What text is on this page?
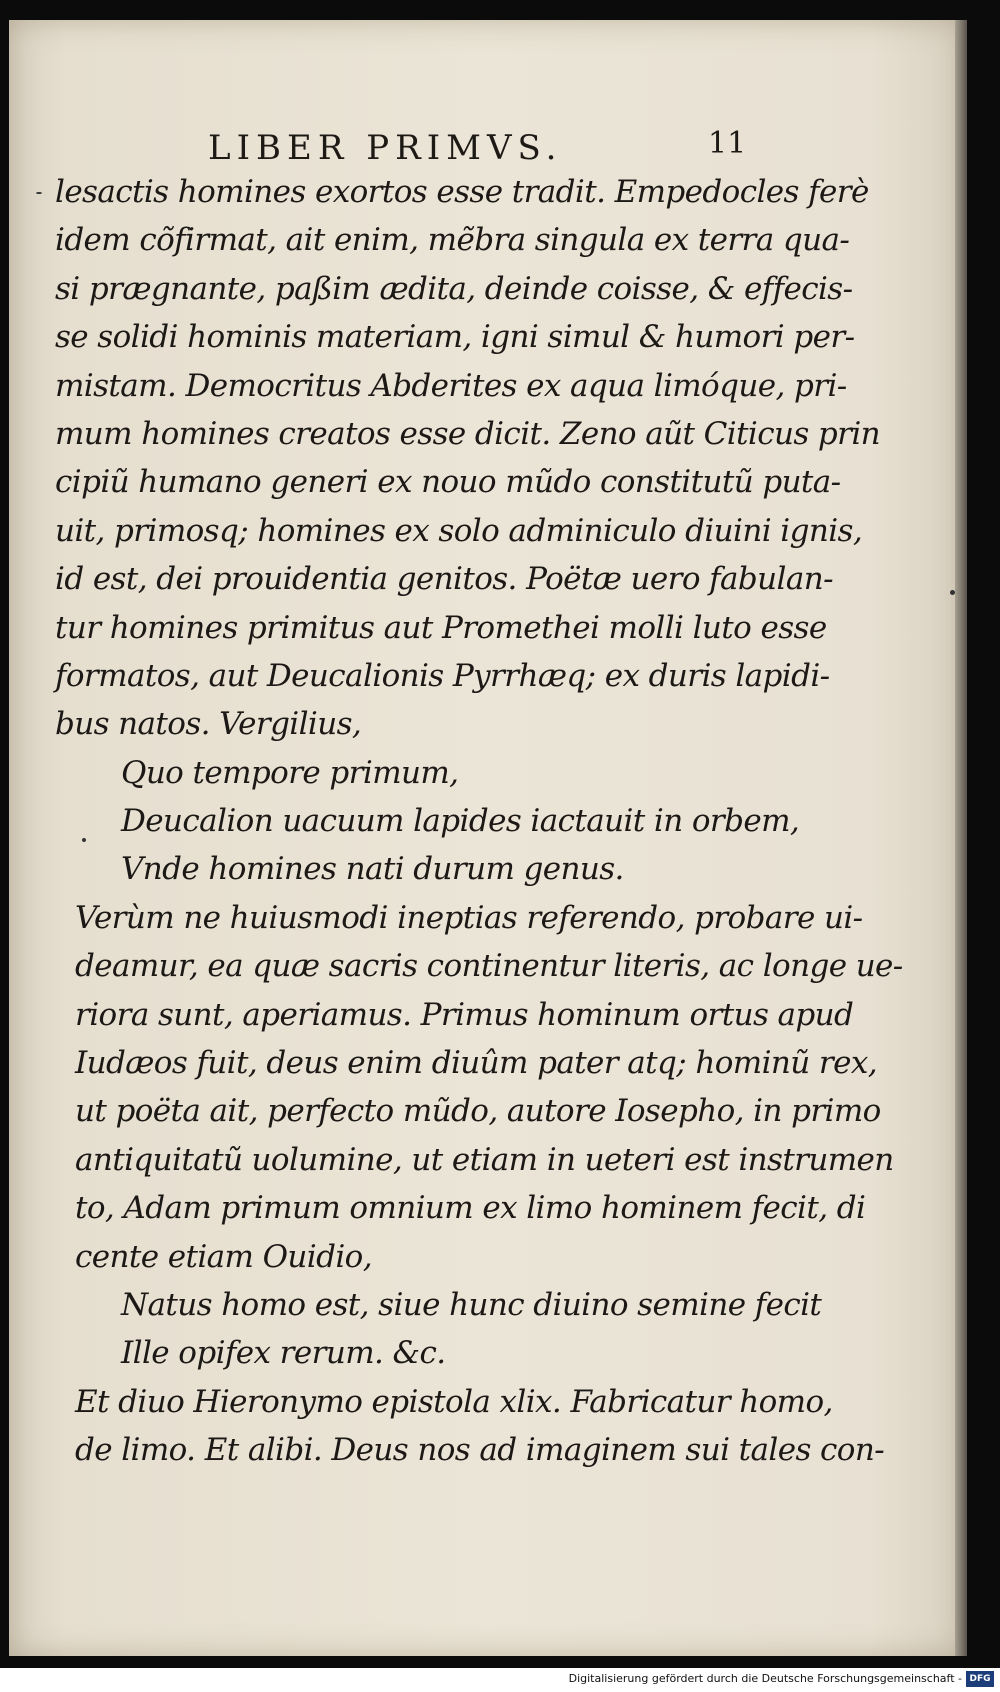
LIBER PRIMVS.	11
lesactis homines exortos esse tradit. Empedocles ferè
idem cõfirmat, ait enim, mẽbra singula ex terra qua-
si prægnante, paßim ædita, deinde coisse, & effecis-
se solidi hominis materiam, igni simul & humori per-
mistam. Democritus Abderites ex aqua limóque, pri-
mum homines creatos esse dicit. Zeno aũt Citicus prin
cipiũ humano generi ex nouo mũdo constitutũ puta-
uit, primosq; homines ex solo adminiculo diuini ignis,
id est, dei prouidentia genitos. Poëtæ uero fabulan-
tur homines primitus aut Promethei molli luto esse
formatos, aut Deucalionis Pyrrhæq; ex duris lapidi-
bus natos. Vergilius,
Quo tempore primum,
Deucalion uacuum lapides iactauit in orbem,
Vnde homines nati durum genus.
Verùm ne huiusmodi ineptias referendo, probare ui-
deamur, ea quæ sacris continentur literis, ac longe ue-
riora sunt, aperiamus. Primus hominum ortus apud
Iudæos fuit, deus enim diuûm pater atq; hominũ rex,
ut poëta ait, perfecto mũdo, autore Iosepho, in primo
antiquitatũ uolumine, ut etiam in ueteri est instrumen
to, Adam primum omnium ex limo hominem fecit, di
cente etiam Ouidio,
Natus homo est, siue hunc diuino semine fecit
Ille opifex rerum. &c.
Et diuo Hieronymo epistola xlix. Fabricatur homo,
de limo. Et alibi. Deus nos ad imaginem sui tales con-
Digitalisierung gefördert durch die Deutsche Forschungsgemeinschaft - DFG
